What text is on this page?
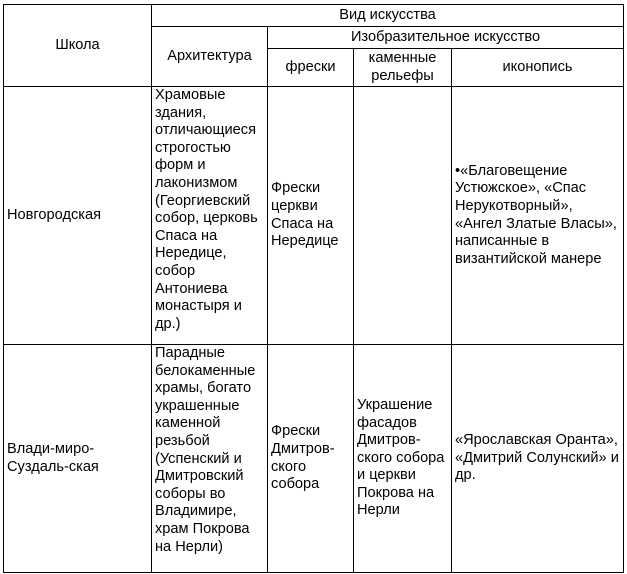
Школа	Вид искусства			
	Архитектура	Изобразительное искусство		
		фрески	каменные рельефы	иконопись
Новгородская	Храмовые здания, отличающиеся строгостью форм и лаконизмом (Георгиевский собор, церковь Спаса на Нередице, собор Антониева монастыря и др.)	Фрески церкви Спаса на Нередице		•«Благовещение Устюжское», «Спас Нерукотворный», «Ангел Златые Власы», написанные в византийской манере
Влади-миро-Суздаль-ская	Парадные белокаменные храмы, богато украшенные каменной резьбой (Успенский и Дмитровский соборы во Владимире, храм Покрова на Нерли)	Фрески Дмитров-ского собора	Украшение фасадов Дмитров-ского собора и церкви Покрова на Нерли	«Ярославская Оранта», «Дмитрий Солунский» и др.
